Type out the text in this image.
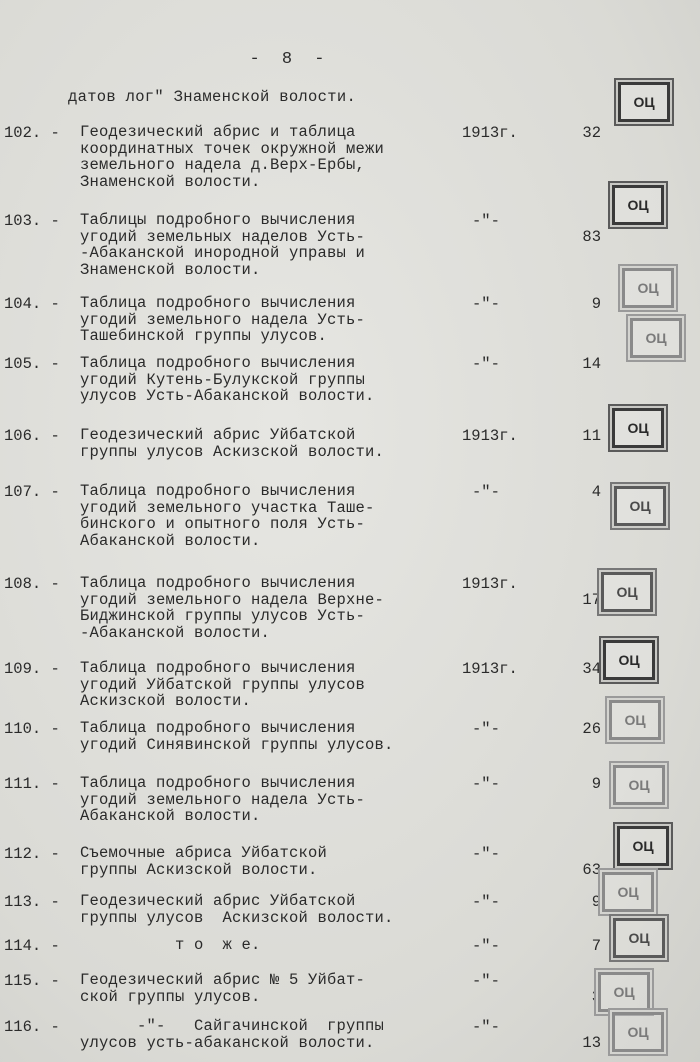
- 8 -
датов лог" Знаменской волости.
102. - Геодезический абрис и таблица
координатных точек окружной межи
земельного надела д.Верх-Ербы,
Знаменской волости.
1913г.	32
103. - Таблицы подробного вычисления
угодий земельных наделов Усть-
-Абаканской инородной управы и
Знаменской волости.
-"-
83
104. - Таблица подробного вычисления
угодий земельного надела Усть-
Ташебинской группы улусов.
-"-	9
105. - Таблица подробного вычисления
угодий Кутень-Булукской группы
улусов Усть-Абаканской волости.
-"-	14
106. - Геодезический абрис Уйбатской
группы улусов Аскизской волости.
1913г.	11
107. - Таблица подробного вычисления
угодий земельного участка Таше-
бинского и опытного поля Усть-
Абаканской волости.
-"-	4
108. - Таблица подробного вычисления
угодий земельного надела Верхне-
Биджинской группы улусов Усть-
-Абаканской волости.
1913г.
17
109. - Таблица подробного вычисления
угодий Уйбатской группы улусов
Аскизской волости.
1913г.	34
110. - Таблица подробного вычисления
угодий Синявинской группы улусов.
-"-	26
111. - Таблица подробного вычисления
угодий земельного надела Усть-
Абаканской волости.
-"-	9
112. - Съемочные абриса Уйбатской
группы Аскизской волости.
-"-
63
113. - Геодезический абрис Уйбатской
группы улусов  Аскизской волости.
-"-	9
114. - т о  ж е.	-"-	7
115. - Геодезический абрис № 5 Уйбат-
ской группы улусов.
-"-
3
116. -	-"-   Сайгачинской  группы
улусов усть-абаканской волости.
-"-
13
ОЦ
ОЦ
ОЦ
ОЦ
ОЦ
ОЦ
ОЦ
ОЦ
ОЦ
ОЦ
ОЦ
ОЦ
ОЦ
ОЦ
ОЦ
